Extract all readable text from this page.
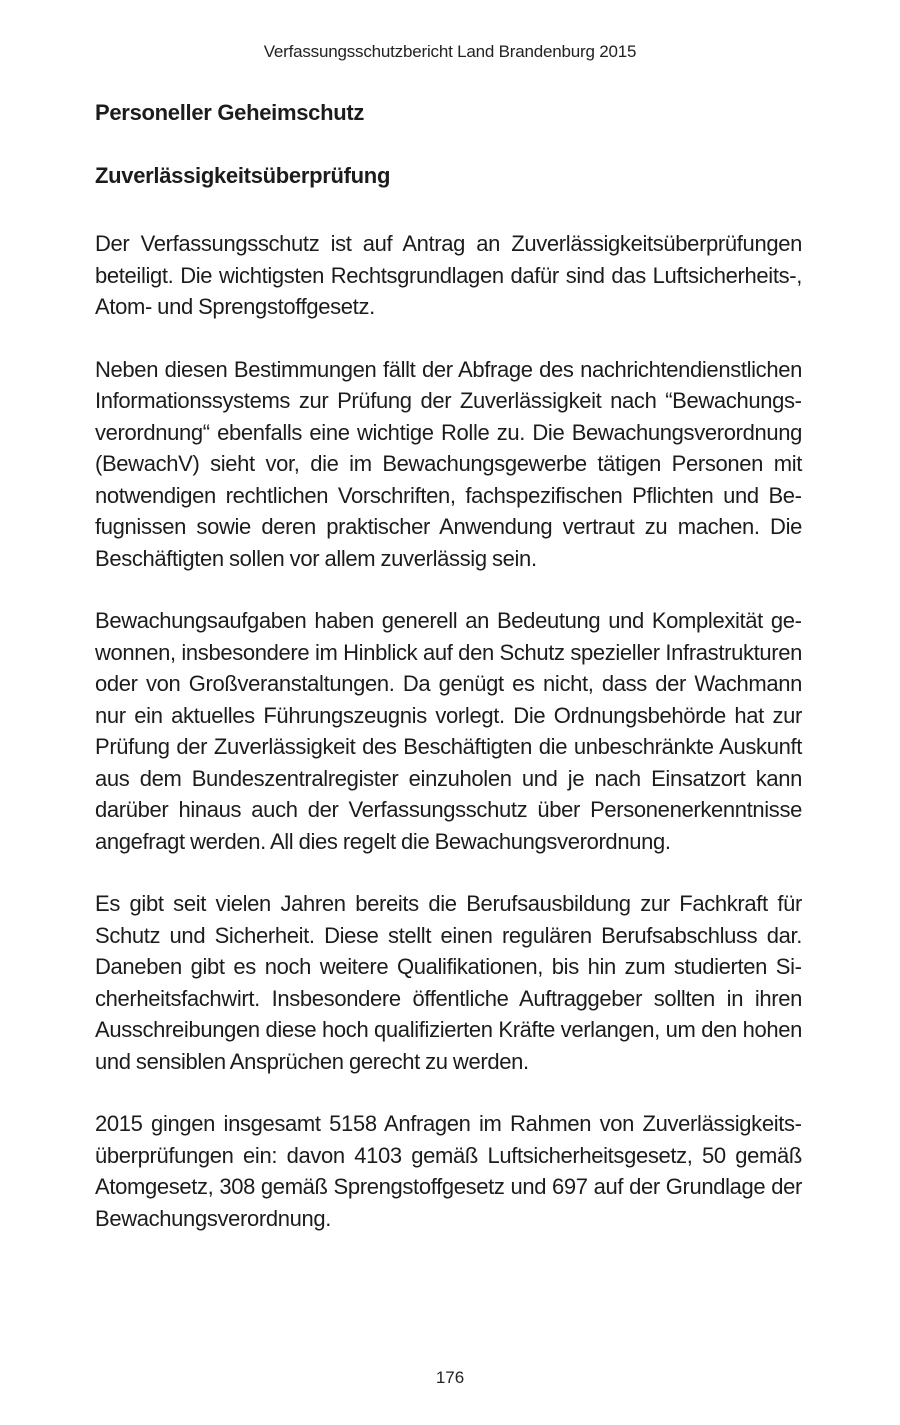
Verfassungsschutzbericht Land Brandenburg 2015
Personeller Geheimschutz
Zuverlässigkeitsüberprüfung

Der Verfassungsschutz ist auf Antrag an Zuverlässigkeitsüberprüfungen beteiligt. Die wichtigsten Rechtsgrundlagen dafür sind das Luftsicherheits-, Atom- und Sprengstoffgesetz.

Neben diesen Bestimmungen fällt der Abfrage des nachrichtendienstlichen Informationssystems zur Prüfung der Zuverlässigkeit nach “Bewachungsverordnung“ ebenfalls eine wichtige Rolle zu. Die Bewachungsverordnung (BewachV) sieht vor, die im Bewachungsgewerbe tätigen Personen mit notwendigen rechtlichen Vorschriften, fachspezifischen Pflichten und Befugnissen sowie deren praktischer Anwendung vertraut zu machen. Die Beschäftigten sollen vor allem zuverlässig sein.

Bewachungsaufgaben haben generell an Bedeutung und Komplexität gewonnen, insbesondere im Hinblick auf den Schutz spezieller Infrastrukturen oder von Großveranstaltungen. Da genügt es nicht, dass der Wachmann nur ein aktuelles Führungszeugnis vorlegt. Die Ordnungsbehörde hat zur Prüfung der Zuverlässigkeit des Beschäftigten die unbeschränkte Auskunft aus dem Bundeszentralregister einzuholen und je nach Einsatzort kann darüber hinaus auch der Verfassungsschutz über Personenerkenntnisse angefragt werden. All dies regelt die Bewachungsverordnung.

Es gibt seit vielen Jahren bereits die Berufsausbildung zur Fachkraft für Schutz und Sicherheit. Diese stellt einen regulären Berufsabschluss dar. Daneben gibt es noch weitere Qualifikationen, bis hin zum studierten Sicherheitsfachwirt. Insbesondere öffentliche Auftraggeber sollten in ihren Ausschreibungen diese hoch qualifizierten Kräfte verlangen, um den hohen und sensiblen Ansprüchen gerecht zu werden.

2015 gingen insgesamt 5158 Anfragen im Rahmen von Zuverlässigkeitsüberprüfungen ein: davon 4103 gemäß Luftsicherheitsgesetz, 50 gemäß Atomgesetz, 308 gemäß Sprengstoffgesetz und 697 auf der Grundlage der Bewachungsverordnung.

176
